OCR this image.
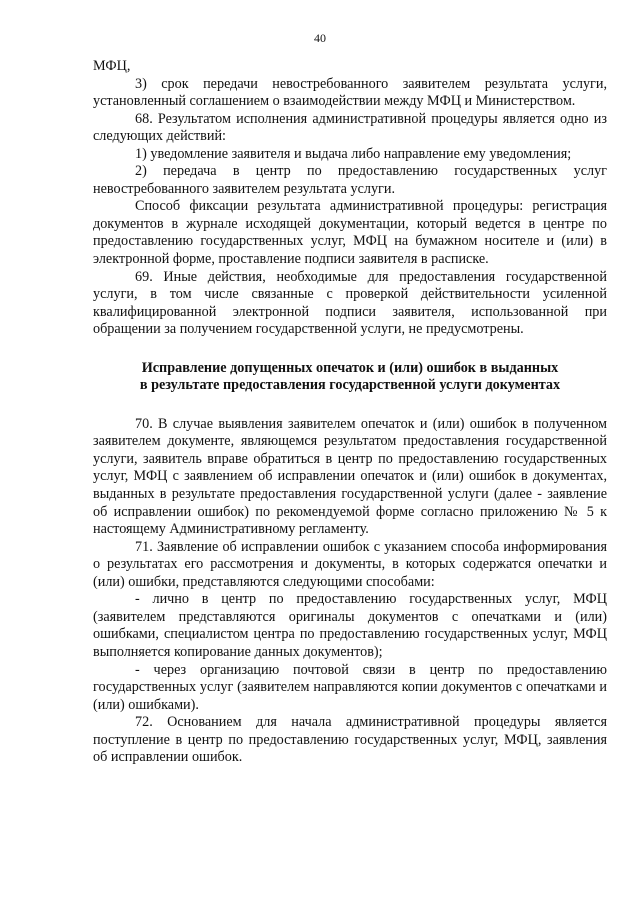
40

МФЦ,

3) срок передачи невостребованного заявителем результата услуги, установленный соглашением о взаимодействии между МФЦ и Министерством.

68. Результатом исполнения административной процедуры является одно из следующих действий:

1) уведомление заявителя и выдача либо направление ему уведомления;

2) передача в центр по предоставлению государственных услуг невостребованного заявителем результата услуги.

Способ фиксации результата административной процедуры: регистрация документов в журнале исходящей документации, который ведется в центре по предоставлению государственных услуг, МФЦ на бумажном носителе и (или) в электронной форме, проставление подписи заявителя в расписке.

69. Иные действия, необходимые для предоставления государственной услуги, в том числе связанные с проверкой действительности усиленной квалифицированной электронной подписи заявителя, использованной при обращении за получением государственной услуги, не предусмотрены.

Исправление допущенных опечаток и (или) ошибок в выданных
в результате предоставления государственной услуги документах

70. В случае выявления заявителем опечаток и (или) ошибок в полученном заявителем документе, являющемся результатом предоставления государственной услуги, заявитель вправе обратиться в центр по предоставлению государственных услуг, МФЦ с заявлением об исправлении опечаток и (или) ошибок в документах, выданных в результате предоставления государственной услуги (далее - заявление об исправлении ошибок) по рекомендуемой форме согласно приложению № 5 к настоящему Административному регламенту.

71. Заявление об исправлении ошибок с указанием способа информирования о результатах его рассмотрения и документы, в которых содержатся опечатки и (или) ошибки, представляются следующими способами:

- лично в центр по предоставлению государственных услуг, МФЦ (заявителем представляются оригиналы документов с опечатками и (или) ошибками, специалистом центра по предоставлению государственных услуг, МФЦ выполняется копирование данных документов);

- через организацию почтовой связи в центр по предоставлению государственных услуг (заявителем направляются копии документов с опечатками и (или) ошибками).

72. Основанием для начала административной процедуры является поступление в центр по предоставлению государственных услуг, МФЦ, заявления об исправлении ошибок.
